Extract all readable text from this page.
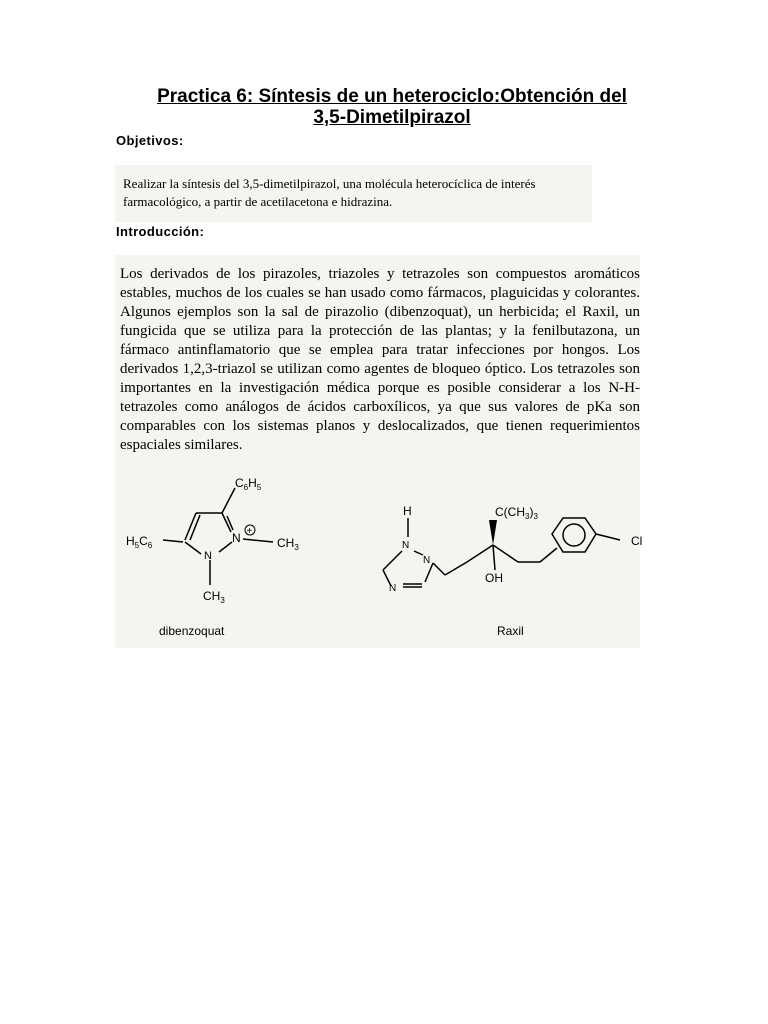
Practica 6: Síntesis de un heterociclo:Obtención del
3,5-Dimetilpirazol
Objetivos:
Realizar la síntesis del 3,5-dimetilpirazol, una molécula heterocíclica de interés farmacológico, a partir de acetilacetona e hidrazina.
Introducción:
Los derivados de los pirazoles, triazoles y tetrazoles son compuestos aromáticos estables, muchos de los cuales se han usado como fármacos, plaguicidas y colorantes. Algunos ejemplos son la sal de pirazolio (dibenzoquat), un herbicida; el Raxil, un fungicida que se utiliza para la protección de las plantas; y la fenilbutazona, un fármaco antinflamatorio que se emplea para tratar infecciones por hongos. Los derivados 1,2,3-triazol se utilizan como agentes de bloqueo óptico. Los tetrazoles son importantes en la investigación médica porque es posible considerar a los N-H-tetrazoles como análogos de ácidos carboxílicos, ya que sus valores de pKa son comparables con los sistemas planos y deslocalizados, que tienen requerimientos espaciales similares.
$C_6H_5$
$H_5C_6$
N +
N
$CH_3$
$CH_3$
dibenzoquat
H
N
N
N
$C(CH_3)_3$
OH
Cl
Raxil
